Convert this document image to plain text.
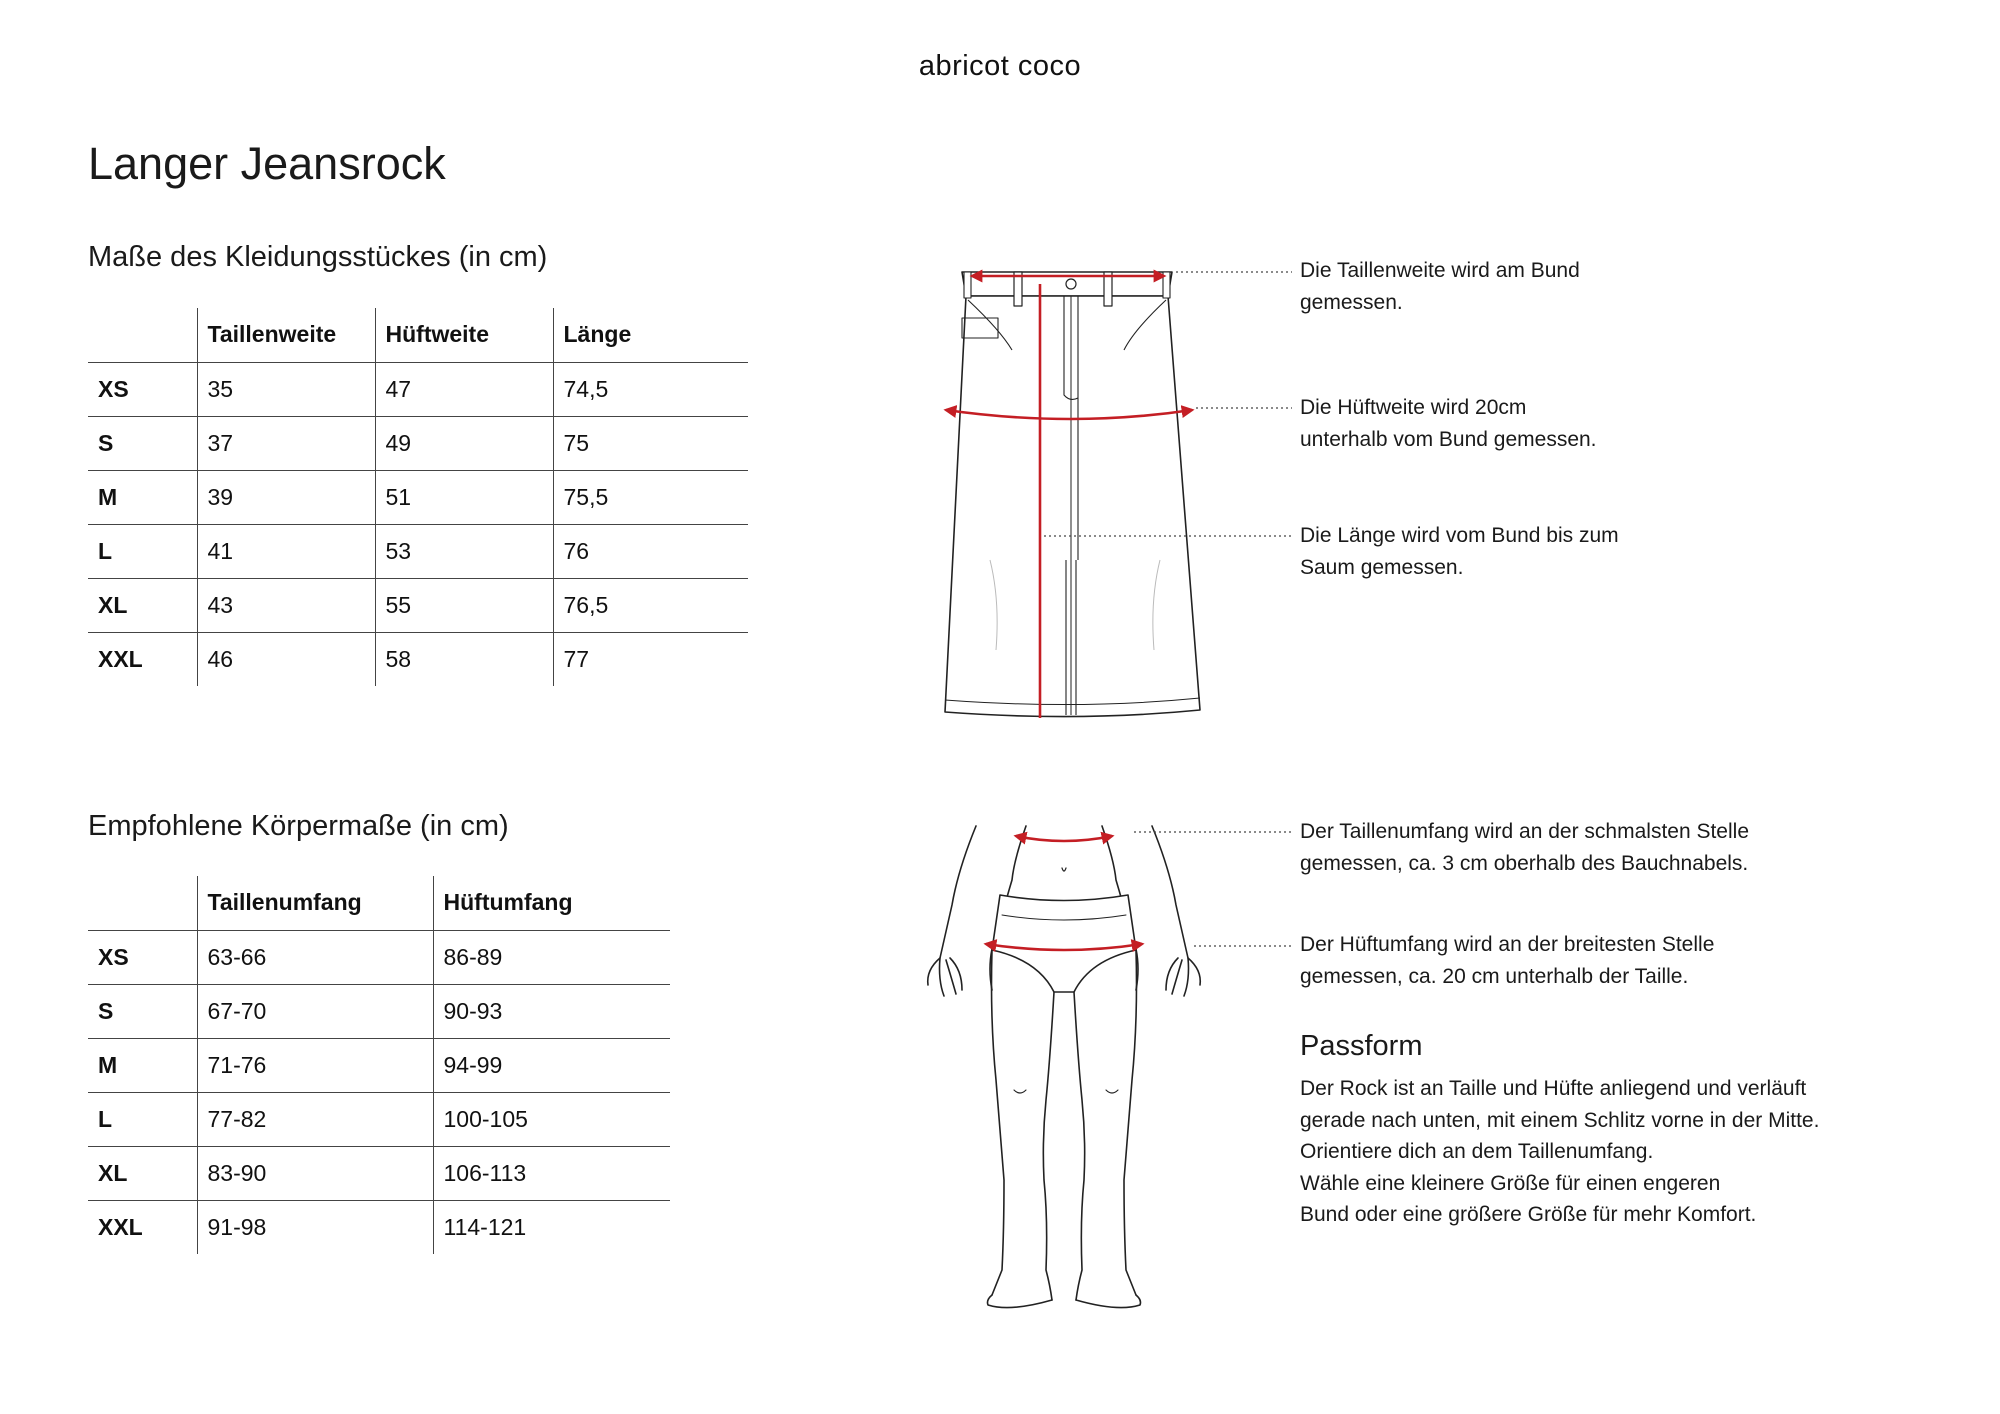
abricot coco
Langer Jeansrock
Maße des Kleidungsstückes (in cm)
	Taillenweite	Hüftweite	Länge
XS	35	47	74,5
S	37	49	75
M	39	51	75,5
L	41	53	76
XL	43	55	76,5
XXL	46	58	77
Empfohlene Körpermaße (in cm)
	Taillenumfang	Hüftumfang
XS	63-66	86-89
S	67-70	90-93
M	71-76	94-99
L	77-82	100-105
XL	83-90	106-113
XXL	91-98	114-121

Die Taillenweite wird am Bund
gemessen.

Die Hüftweite wird 20cm
unterhalb vom Bund gemessen.

Die Länge wird vom Bund bis zum
Saum gemessen.

Der Taillenumfang wird an der schmalsten Stelle
gemessen, ca. 3 cm oberhalb des Bauchnabels.

Der Hüftumfang wird an der breitesten Stelle
gemessen, ca. 20 cm unterhalb der Taille.

Passform
Der Rock ist an Taille und Hüfte anliegend und verläuft
gerade nach unten, mit einem Schlitz vorne in der Mitte.
Orientiere dich an dem Taillenumfang.
Wähle eine kleinere Größe für einen engeren
Bund oder eine größere Größe für mehr Komfort.
